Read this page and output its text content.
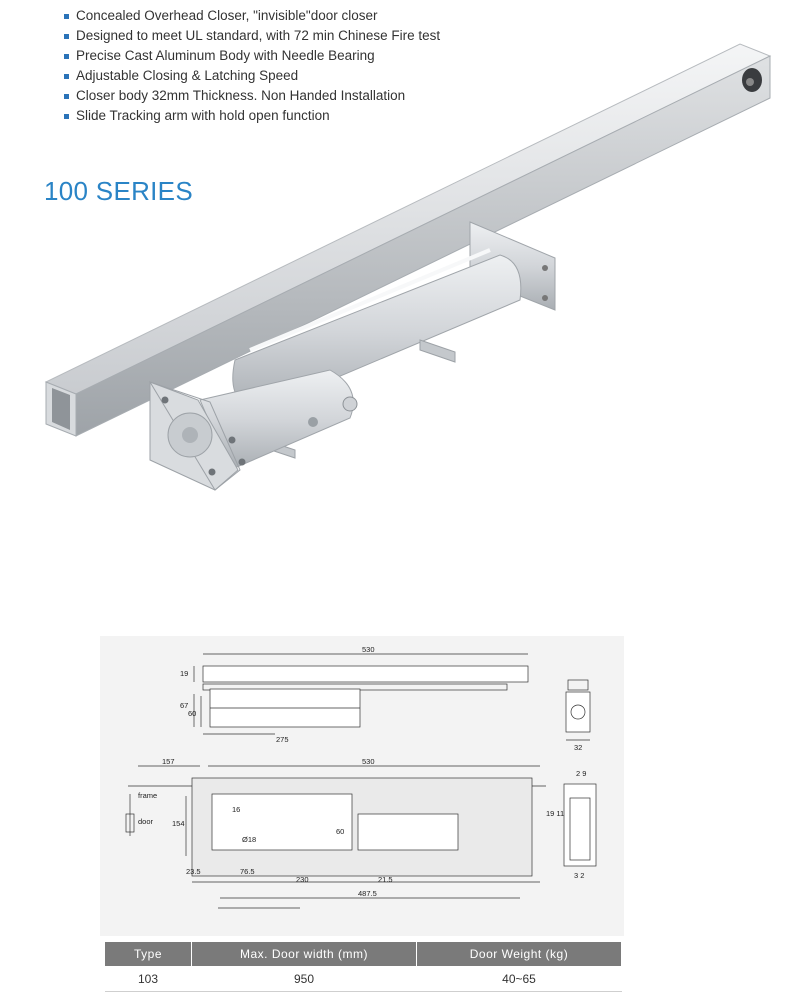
Concealed Overhead Closer, "invisible"door closer
Designed to meet UL standard, with 72 min Chinese Fire test
Precise Cast Aluminum Body with Needle Bearing
Adjustable Closing & Latching Speed
Closer body 32mm Thickness. Non Handed Installation
Slide Tracking arm with hold open function
100 SERIES
530
19
67
60
275
32
157	530
frame
door	154
16
60
Ø18
23.5	76.5
230	21.5
487.5
2 9
19 11
3 2
Type	Max. Door width (mm)	Door Weight (kg)
103	950	40~65
